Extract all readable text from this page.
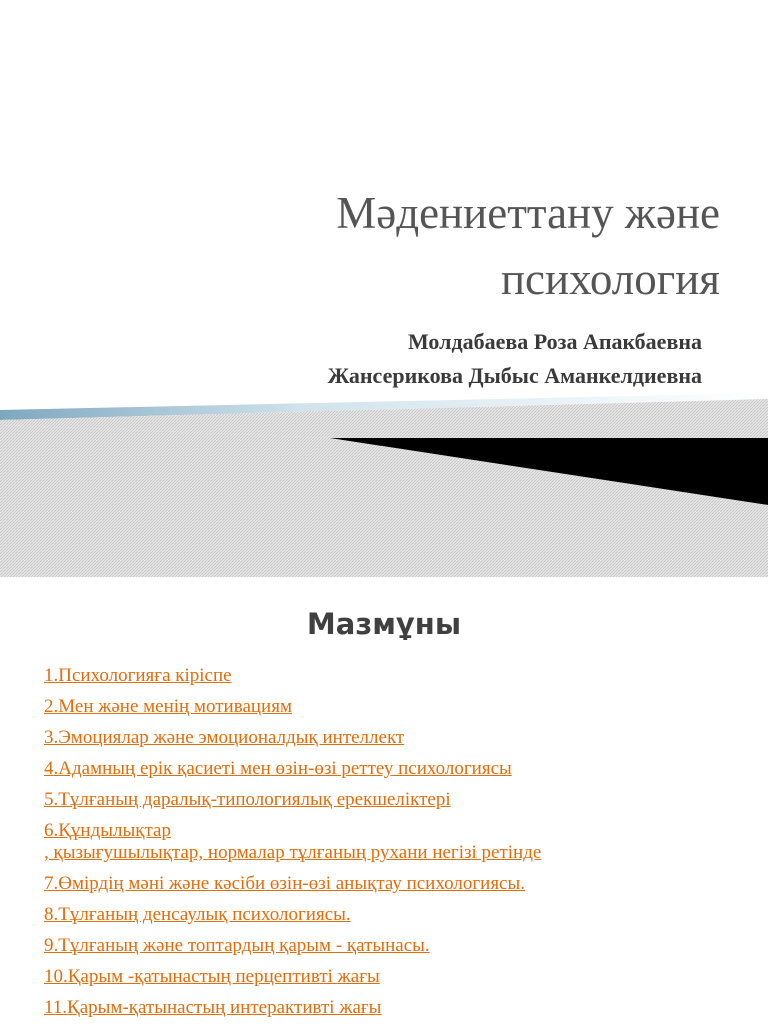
Мәдениеттану және
психология
Молдабаева Роза Апакбаевна
Жансерикова Дыбыс Аманкелдиевна
Мазмұны
1.Психологияға кіріспе
2.Мен және менің мотивациям
3.Эмоциялар және эмоционалдық интеллект
4.Адамның ерік қасиеті мен өзін-өзі реттеу психологиясы
5.Тұлғаның даралық-типологиялық ерекшеліктері
6.Құндылықтар
, қызығушылықтар, нормалар тұлғаның рухани негізі ретінде
7.Өмірдің мәні және кәсіби өзін-өзі анықтау психологиясы.
8.Тұлғаның денсаулық психологиясы.
9.Тұлғаның және топтардың қарым - қатынасы.
10.Қарым -қатынастың перцептивті жағы
11.Қарым-қатынастың интерактивті жағы
